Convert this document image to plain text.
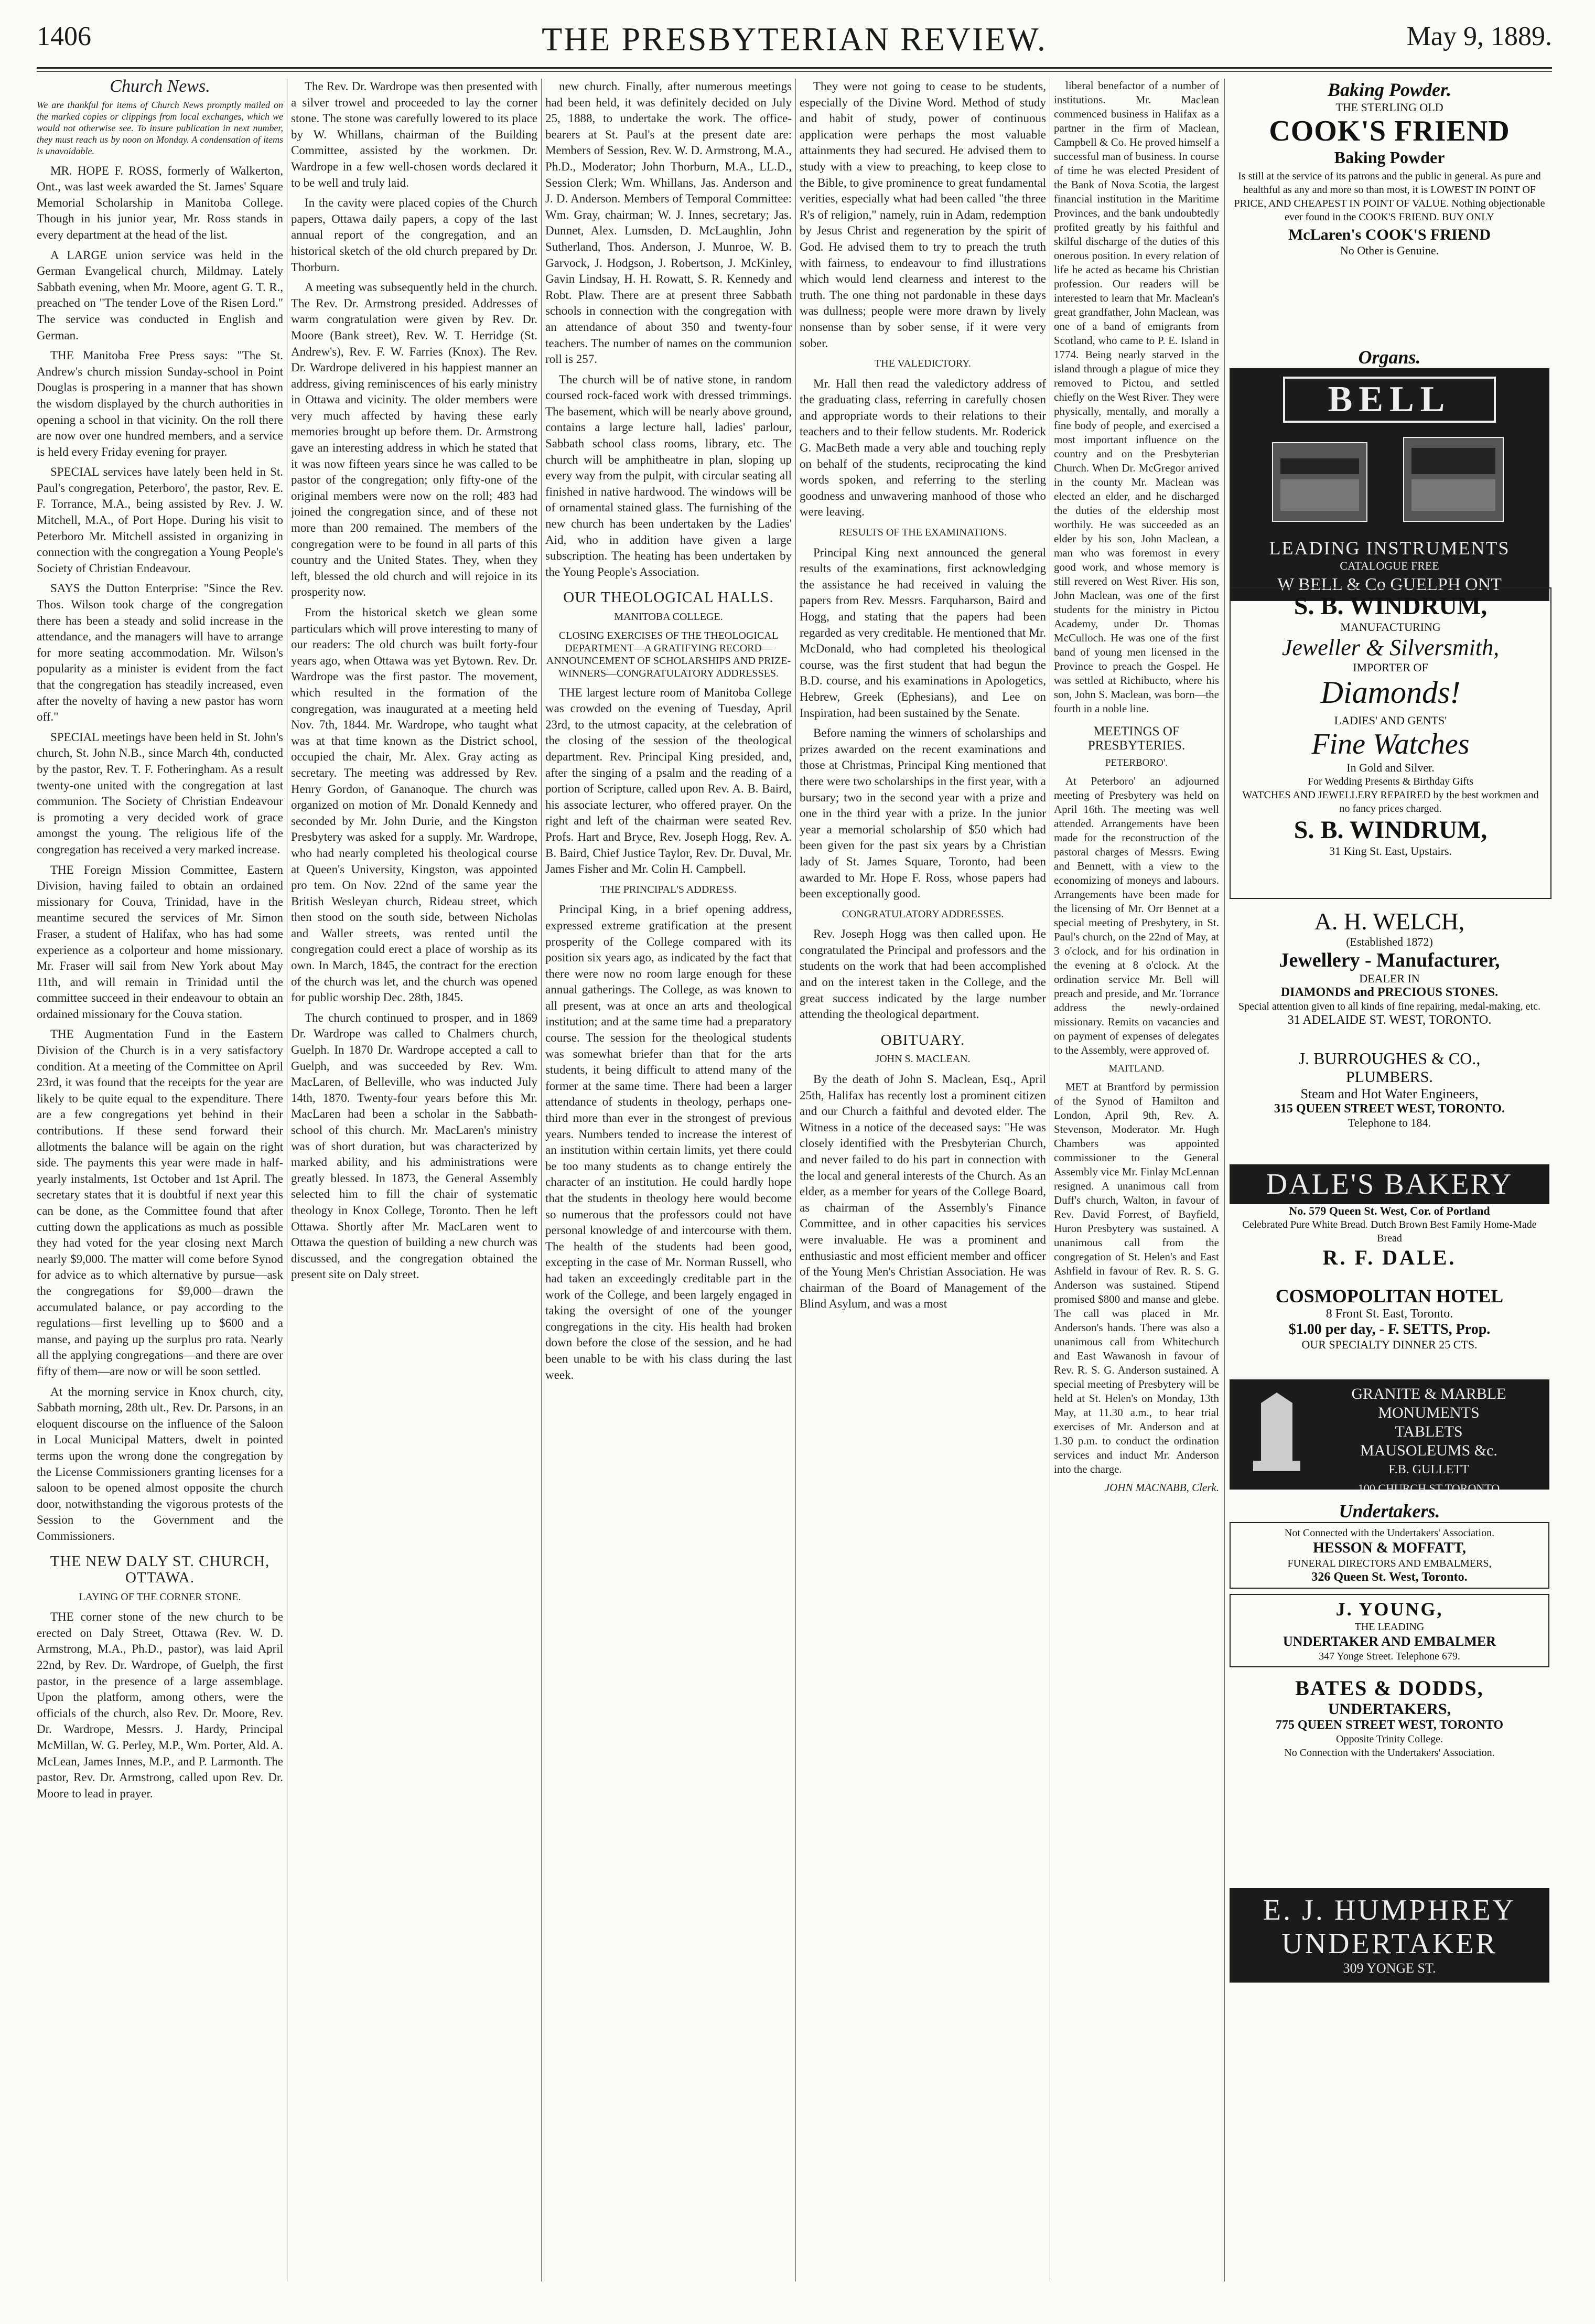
1406	THE PRESBYTERIAN REVIEW.	May 9, 1889.

Church News.

We are thankful for items of Church News promptly mailed on the marked copies or clippings from local exchanges, which we would not otherwise see. To insure publication in next number, they must reach us by noon on Monday. A condensation of items is unavoidable.

MR. HOPE F. ROSS, formerly of Walkerton, Ont., was last week awarded the St. James' Square Memorial Scholarship in Manitoba College. Though in his junior year, Mr. Ross stands in every department at the head of the list.

A LARGE union service was held in the German Evangelical church, Mildmay. Lately Sabbath evening, when Mr. Moore, agent G. T. R., preached on "The tender Love of the Risen Lord." The service was conducted in English and German.

THE Manitoba Free Press says: "The St. Andrew's church mission Sunday-school in Point Douglas is prospering in a manner that has shown the wisdom displayed by the church authorities in opening a school in that vicinity. On the roll there are now over one hundred members, and a service is held every Friday evening for prayer.

SPECIAL services have lately been held in St. Paul's congregation, Peterboro', the pastor, Rev. E. F. Torrance, M.A., being assisted by Rev. J. W. Mitchell, M.A., of Port Hope. During his visit to Peterboro Mr. Mitchell assisted in organizing in connection with the congregation a Young People's Society of Christian Endeavour.

SAYS the Dutton Enterprise: "Since the Rev. Thos. Wilson took charge of the congregation there has been a steady and solid increase in the attendance, and the managers will have to arrange for more seating accommodation. Mr. Wilson's popularity as a minister is evident from the fact that the congregation has steadily increased, even after the novelty of having a new pastor has worn off."

SPECIAL meetings have been held in St. John's church, St. John N.B., since March 4th, conducted by the pastor, Rev. T. F. Fotheringham. As a result twenty-one united with the congregation at last communion. The Society of Christian Endeavour is promoting a very decided work of grace amongst the young. The religious life of the congregation has received a very marked increase.

THE Foreign Mission Committee, Eastern Division, having failed to obtain an ordained missionary for Couva, Trinidad, have in the meantime secured the services of Mr. Simon Fraser, a student of Halifax, who has had some experience as a colporteur and home missionary. Mr. Fraser will sail from New York about May 11th, and will remain in Trinidad until the committee succeed in their endeavour to obtain an ordained missionary for the Couva station.

THE Augmentation Fund in the Eastern Division of the Church is in a very satisfactory condition. At a meeting of the Committee on April 23rd, it was found that the receipts for the year are likely to be quite equal to the expenditure. There are a few congregations yet behind in their contributions. If these send forward their allotments the balance will be again on the right side. The payments this year were made in half-yearly instalments, 1st October and 1st April. The secretary states that it is doubtful if next year this can be done, as the Committee found that after cutting down the applications as much as possible they had voted for the year closing next March nearly $9,000. The matter will come before Synod for advice as to which alternative by pursue—ask the congregations for $9,000—drawn the accumulated balance, or pay according to the regulations—first levelling up to $600 and a manse, and paying up the surplus pro rata. Nearly all the applying congregations—and there are over fifty of them—are now or will be soon settled.

At the morning service in Knox church, city, Sabbath morning, 28th ult., Rev. Dr. Parsons, in an eloquent discourse on the influence of the Saloon in Local Municipal Matters, dwelt in pointed terms upon the wrong done the congregation by the License Commissioners granting licenses for a saloon to be opened almost opposite the church door, notwithstanding the vigorous protests of the Session to the Government and the Commissioners.

THE NEW DALY ST. CHURCH, OTTAWA.

LAYING OF THE CORNER STONE.

THE corner stone of the new church to be erected on Daly Street, Ottawa (Rev. W. D. Armstrong, M.A., Ph.D., pastor), was laid April 22nd, by Rev. Dr. Wardrope, of Guelph, the first pastor, in the presence of a large assemblage. Upon the platform, among others, were the officials of the church, also Rev. Dr. Moore, Rev. Dr. Wardrope, Messrs. J. Hardy, Principal McMillan, W. G. Perley, M.P., Wm. Porter, Ald. A. McLean, James Innes, M.P., and P. Larmonth. The pastor, Rev. Dr. Armstrong, called upon Rev. Dr. Moore to lead in prayer.

The Rev. Dr. Wardrope was then presented with a silver trowel and proceeded to lay the corner stone. The stone was carefully lowered to its place by W. Whillans, chairman of the Building Committee, assisted by the workmen. Dr. Wardrope in a few well-chosen words declared it to be well and truly laid.

In the cavity were placed copies of the Church papers, Ottawa daily papers, a copy of the last annual report of the congregation, and an historical sketch of the old church prepared by Dr. Thorburn.

A meeting was subsequently held in the church. The Rev. Dr. Armstrong presided. Addresses of warm congratulation were given by Rev. Dr. Moore (Bank street), Rev. W. T. Herridge (St. Andrew's), Rev. F. W. Farries (Knox). The Rev. Dr. Wardrope delivered in his happiest manner an address, giving reminiscences of his early ministry in Ottawa and vicinity. The older members were very much affected by having these early memories brought up before them. Dr. Armstrong gave an interesting address in which he stated that it was now fifteen years since he was called to be pastor of the congregation; only fifty-one of the original members were now on the roll; 483 had joined the congregation since, and of these not more than 200 remained. The members of the congregation were to be found in all parts of this country and the United States. They, when they left, blessed the old church and will rejoice in its prosperity now.

From the historical sketch we glean some particulars which will prove interesting to many of our readers: The old church was built forty-four years ago, when Ottawa was yet Bytown. Rev. Dr. Wardrope was the first pastor. The movement, which resulted in the formation of the congregation, was inaugurated at a meeting held Nov. 7th, 1844. Mr. Wardrope, who taught what was at that time known as the District school, occupied the chair, Mr. Alex. Gray acting as secretary. The meeting was addressed by Rev. Henry Gordon, of Gananoque. The church was organized on motion of Mr. Donald Kennedy and seconded by Mr. John Durie, and the Kingston Presbytery was asked for a supply. Mr. Wardrope, who had nearly completed his theological course at Queen's University, Kingston, was appointed pro tem. On Nov. 22nd of the same year the British Wesleyan church, Rideau street, which then stood on the south side, between Nicholas and Waller streets, was rented until the congregation could erect a place of worship as its own. In March, 1845, the contract for the erection of the church was let, and the church was opened for public worship Dec. 28th, 1845.

The church continued to prosper, and in 1869 Dr. Wardrope was called to Chalmers church, Guelph. In 1870 Dr. Wardrope accepted a call to Guelph, and was succeeded by Rev. Wm. MacLaren, of Belleville, who was inducted July 14th, 1870. Twenty-four years before this Mr. MacLaren had been a scholar in the Sabbath-school of this church. Mr. MacLaren's ministry was of short duration, but was characterized by marked ability, and his administrations were greatly blessed. In 1873, the General Assembly selected him to fill the chair of systematic theology in Knox College, Toronto. Then he left Ottawa. Shortly after Mr. MacLaren went to Ottawa the question of building a new church was discussed, and the congregation obtained the present site on Daly street.

new church. Finally, after numerous meetings had been held, it was definitely decided on July 25, 1888, to undertake the work. The office-bearers at St. Paul's at the present date are: Members of Session, Rev. W. D. Armstrong, M.A., Ph.D., Moderator; John Thorburn, M.A., LL.D., Session Clerk; Wm. Whillans, Jas. Anderson and J. D. Anderson. Members of Temporal Committee: Wm. Gray, chairman; W. J. Innes, secretary; Jas. Dunnet, Alex. Lumsden, D. McLaughlin, John Sutherland, Thos. Anderson, J. Munroe, W. B. Garvock, J. Hodgson, J. Robertson, J. McKinley, Gavin Lindsay, H. H. Rowatt, S. R. Kennedy and Robt. Plaw. There are at present three Sabbath schools in connection with the congregation with an attendance of about 350 and twenty-four teachers. The number of names on the communion roll is 257.

The church will be of native stone, in random coursed rock-faced work with dressed trimmings. The basement, which will be nearly above ground, contains a large lecture hall, ladies' parlour, Sabbath school class rooms, library, etc. The church will be amphitheatre in plan, sloping up every way from the pulpit, with circular seating all finished in native hardwood. The windows will be of ornamental stained glass. The furnishing of the new church has been undertaken by the Ladies' Aid, who in addition have given a large subscription. The heating has been undertaken by the Young People's Association.

OUR THEOLOGICAL HALLS.

MANITOBA COLLEGE.

CLOSING EXERCISES OF THE THEOLOGICAL DEPARTMENT—A GRATIFYING RECORD—ANNOUNCEMENT OF SCHOLARSHIPS AND PRIZE-WINNERS—CONGRATULATORY ADDRESSES.

THE largest lecture room of Manitoba College was crowded on the evening of Tuesday, April 23rd, to the utmost capacity, at the celebration of the closing of the session of the theological department. Rev. Principal King presided, and, after the singing of a psalm and the reading of a portion of Scripture, called upon Rev. A. B. Baird, his associate lecturer, who offered prayer. On the right and left of the chairman were seated Rev. Profs. Hart and Bryce, Rev. Joseph Hogg, Rev. A. B. Baird, Chief Justice Taylor, Rev. Dr. Duval, Mr. James Fisher and Mr. Colin H. Campbell.

THE PRINCIPAL'S ADDRESS.

Principal King, in a brief opening address, expressed extreme gratification at the present prosperity of the College compared with its position six years ago, as indicated by the fact that there were now no room large enough for these annual gatherings. The College, as was known to all present, was at once an arts and theological institution; and at the same time had a preparatory course. The session for the theological students was somewhat briefer than that for the arts students, it being difficult to attend many of the former at the same time. There had been a larger attendance of students in theology, perhaps one-third more than ever in the strongest of previous years. Numbers tended to increase the interest of an institution within certain limits, yet there could be too many students as to change entirely the character of an institution. He could hardly hope that the students in theology here would become so numerous that the professors could not have personal knowledge of and intercourse with them. The health of the students had been good, excepting in the case of Mr. Norman Russell, who had taken an exceedingly creditable part in the work of the College, and been largely engaged in taking the oversight of one of the younger congregations in the city. His health had broken down before the close of the session, and he had been unable to be with his class during the last week.

They were not going to cease to be students, especially of the Divine Word. Method of study and habit of study, power of continuous application were perhaps the most valuable attainments they had secured. He advised them to study with a view to preaching, to keep close to the Bible, to give prominence to great fundamental verities, especially what had been called "the three R's of religion," namely, ruin in Adam, redemption by Jesus Christ and regeneration by the spirit of God. He advised them to try to preach the truth with fairness, to endeavour to find illustrations which would lend clearness and interest to the truth. The one thing not pardonable in these days was dullness; people were more drawn by lively nonsense than by sober sense, if it were very sober.

THE VALEDICTORY.

Mr. Hall then read the valedictory address of the graduating class, referring in carefully chosen and appropriate words to their relations to their teachers and to their fellow students. Mr. Roderick G. MacBeth made a very able and touching reply on behalf of the students, reciprocating the kind words spoken, and referring to the sterling goodness and unwavering manhood of those who were leaving.

RESULTS OF THE EXAMINATIONS.

Principal King next announced the general results of the examinations, first acknowledging the assistance he had received in valuing the papers from Rev. Messrs. Farquharson, Baird and Hogg, and stating that the papers had been regarded as very creditable. He mentioned that Mr. McDonald, who had completed his theological course, was the first student that had begun the B.D. course, and his examinations in Apologetics, Hebrew, Greek (Ephesians), and Lee on Inspiration, had been sustained by the Senate.

Before naming the winners of scholarships and prizes awarded on the recent examinations and those at Christmas, Principal King mentioned that there were two scholarships in the first year, with a bursary; two in the second year with a prize and one in the third year with a prize. In the junior year a memorial scholarship of $50 which had been given for the past six years by a Christian lady of St. James Square, Toronto, had been awarded to Mr. Hope F. Ross, whose papers had been exceptionally good.

CONGRATULATORY ADDRESSES.

Rev. Joseph Hogg was then called upon. He congratulated the Principal and professors and the students on the work that had been accomplished and on the interest taken in the College, and the great success indicated by the large number attending the theological department.

OBITUARY.

JOHN S. MACLEAN.

By the death of John S. Maclean, Esq., April 25th, Halifax has recently lost a prominent citizen and our Church a faithful and devoted elder. The Witness in a notice of the deceased says: "He was closely identified with the Presbyterian Church, and never failed to do his part in connection with the local and general interests of the Church. As an elder, as a member for years of the College Board, as chairman of the Assembly's Finance Committee, and in other capacities his services were invaluable. He was a prominent and enthusiastic and most efficient member and officer of the Young Men's Christian Association. He was chairman of the Board of Management of the Blind Asylum, and was a most

Baking Powder.
THE STERLING OLD
COOK'S FRIEND
Baking Powder
Is still at the service of its patrons and the public in general. As pure and healthful as any and more so than most, it is LOWEST IN POINT OF PRICE, AND CHEAPEST IN POINT OF VALUE. Nothing objectionable ever found in the COOK'S FRIEND. BUY ONLY
McLaren's COOK'S FRIEND
No Other is Genuine.
Organs.
BELL
LEADING INSTRUMENTS
CATALOGUE FREE
W BELL & Co GUELPH ONT
S. B. WINDRUM,
MANUFACTURING
Jeweller & Silversmith,
IMPORTER OF
Diamonds!
LADIES' AND GENTS'
Fine Watches
In Gold and Silver.
For Wedding Presents & Birthday Gifts
WATCHES AND JEWELLERY REPAIRED by the best workmen and no fancy prices charged.
S. B. WINDRUM,
31 King St. East, Upstairs.
A. H. WELCH,
(Established 1872)
Jewellery - Manufacturer,
DEALER IN
DIAMONDS and PRECIOUS STONES.
Special attention given to all kinds of fine repairing, medal-making, etc.
31 ADELAIDE ST. WEST, TORONTO.
J. BURROUGHES & CO.,
PLUMBERS.
Steam and Hot Water Engineers,
315 QUEEN STREET WEST, TORONTO.
Telephone to 184.
DALE'S BAKERY
No. 579 Queen St. West, Cor. of Portland
Celebrated Pure White Bread. Dutch Brown Best Family Home-Made Bread
R. F. DALE.
COSMOPOLITAN HOTEL
8 Front St. East, Toronto.
$1.00 per day, - F. SETTS, Prop.
OUR SPECIALTY DINNER 25 CTS.
GRANITE & MARBLE
MONUMENTS
TABLETS
MAUSOLEUMS &c.
F.B. GULLETT
100 CHURCH ST TORONTO
Undertakers.
Not Connected with the Undertakers' Association.
HESSON & MOFFATT,
FUNERAL DIRECTORS AND EMBALMERS,
326 Queen St. West, Toronto.
J. YOUNG,
THE LEADING
UNDERTAKER AND EMBALMER
347 Yonge Street. Telephone 679.
BATES & DODDS,
UNDERTAKERS,
775 QUEEN STREET WEST, TORONTO
Opposite Trinity College.
No Connection with the Undertakers' Association.
E. J. HUMPHREY
UNDERTAKER
309 YONGE ST.

liberal benefactor of a number of institutions. Mr. Maclean commenced business in Halifax as a partner in the firm of Maclean, Campbell & Co. He proved himself a successful man of business. In course of time he was elected President of the Bank of Nova Scotia, the largest financial institution in the Maritime Provinces, and the bank undoubtedly profited greatly by his faithful and skilful discharge of the duties of this onerous position. In every relation of life he acted as became his Christian profession. Our readers will be interested to learn that Mr. Maclean's great grandfather, John Maclean, was one of a band of emigrants from Scotland, who came to P. E. Island in 1774. Being nearly starved in the island through a plague of mice they removed to Pictou, and settled chiefly on the West River. They were physically, mentally, and morally a fine body of people, and exercised a most important influence on the country and on the Presbyterian Church. When Dr. McGregor arrived in the county Mr. Maclean was elected an elder, and he discharged the duties of the eldership most worthily. He was succeeded as an elder by his son, John Maclean, a man who was foremost in every good work, and whose memory is still revered on West River. His son, John Maclean, was one of the first students for the ministry in Pictou Academy, under Dr. Thomas McCulloch. He was one of the first band of young men licensed in the Province to preach the Gospel. He was settled at Richibucto, where his son, John S. Maclean, was born—the fourth in a noble line.

MEETINGS OF PRESBYTERIES.

PETERBORO'.

At Peterboro' an adjourned meeting of Presbytery was held on April 16th. The meeting was well attended. Arrangements have been made for the reconstruction of the pastoral charges of Messrs. Ewing and Bennett, with a view to the economizing of moneys and labours. Arrangements have been made for the licensing of Mr. Orr Bennet at a special meeting of Presbytery, in St. Paul's church, on the 22nd of May, at 3 o'clock, and for his ordination in the evening at 8 o'clock. At the ordination service Mr. Bell will preach and preside, and Mr. Torrance address the newly-ordained missionary. Remits on vacancies and on payment of expenses of delegates to the Assembly, were approved of.

MAITLAND.

MET at Brantford by permission of the Synod of Hamilton and London, April 9th, Rev. A. Stevenson, Moderator. Mr. Hugh Chambers was appointed commissioner to the General Assembly vice Mr. Finlay McLennan resigned. A unanimous call from Duff's church, Walton, in favour of Rev. David Forrest, of Bayfield, Huron Presbytery was sustained. A unanimous call from the congregation of St. Helen's and East Ashfield in favour of Rev. R. S. G. Anderson was sustained. Stipend promised $800 and manse and glebe. The call was placed in Mr. Anderson's hands. There was also a unanimous call from Whitechurch and East Wawanosh in favour of Rev. R. S. G. Anderson sustained. A special meeting of Presbytery will be held at St. Helen's on Monday, 13th May, at 11.30 a.m., to hear trial exercises of Mr. Anderson and at 1.30 p.m. to conduct the ordination services and induct Mr. Anderson into the charge.

JOHN MACNABB, Clerk.
